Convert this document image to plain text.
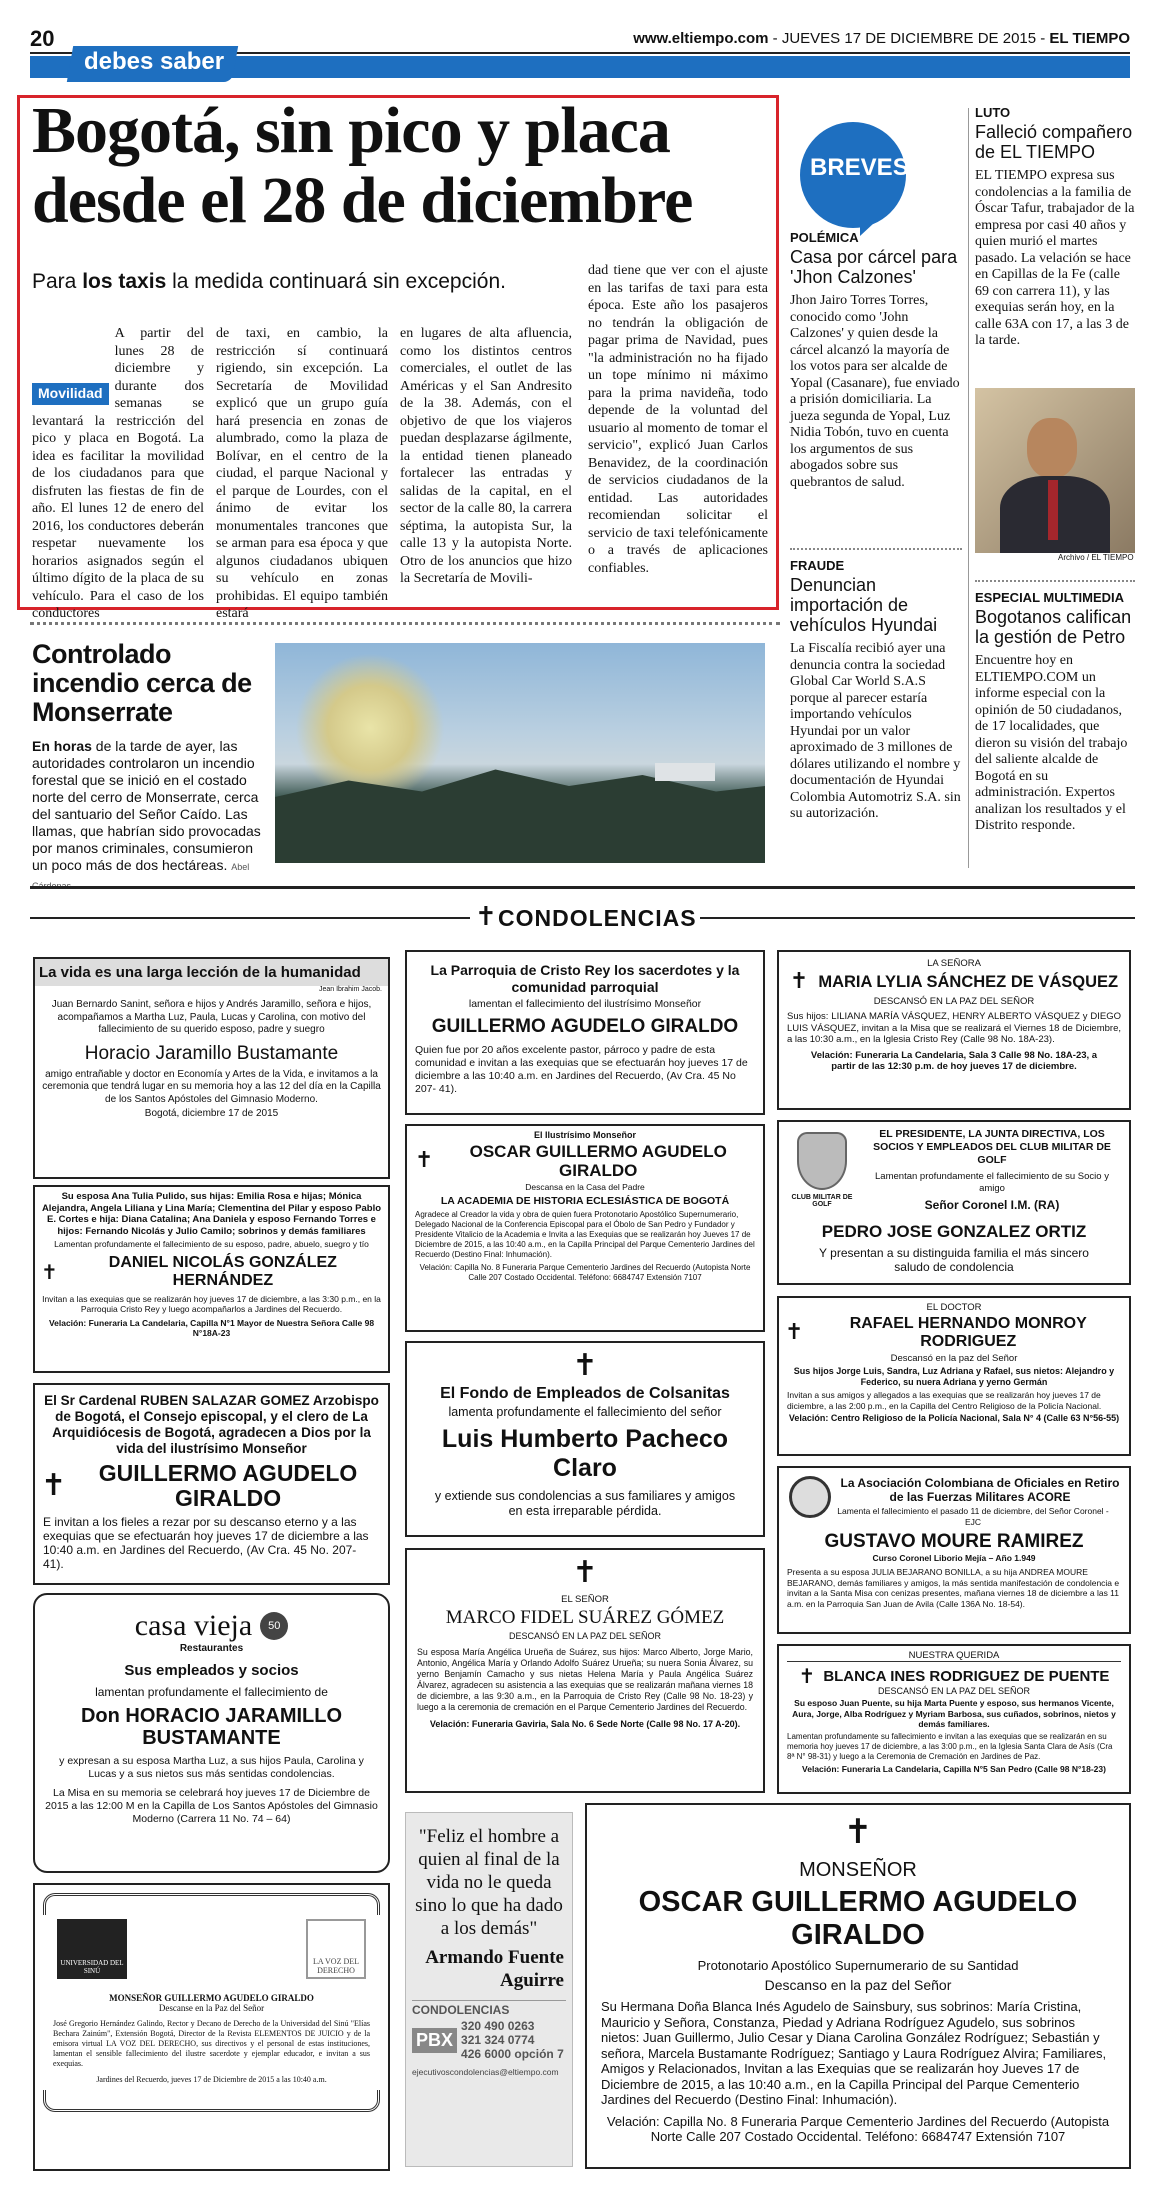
20	www.eltiempo.com - JUEVES 17 DE DICIEMBRE DE 2015 - EL TIEMPO
debes saber
Bogotá, sin pico y placa desde el 28 de diciembre
Para los taxis la medida continuará sin excepción.
Movilidad
A partir del lunes 28 de diciembre y durante dos semanas se levantará la restricción del pico y placa en Bogotá. La idea es facilitar la movilidad de los ciudadanos para que disfruten las fiestas de fin de año. El lunes 12 de enero del 2016, los conductores deberán respetar nuevamente los horarios asignados según el último dígito de la placa de su vehículo. Para el caso de los conductores
de taxi, en cambio, la restricción sí continuará rigiendo, sin excepción. La Secretaría de Movilidad explicó que un grupo guía hará presencia en zonas de alumbrado, como la plaza de Bolívar, en el centro de la ciudad, el parque Nacional y el parque de Lourdes, con el ánimo de evitar los monumentales trancones que se arman para esa época y que algunos ciudadanos ubiquen su vehículo en zonas prohibidas. El equipo también estará
en lugares de alta afluencia, como los distintos centros comerciales, el outlet de las Américas y el San Andresito de la 38. Además, con el objetivo de que los viajeros puedan desplazarse ágilmente, la entidad tienen planeado fortalecer las entradas y salidas de la capital, en el sector de la calle 80, la carrera séptima, la autopista Sur, la calle 13 y la autopista Norte. Otro de los anuncios que hizo la Secretaría de Movili-
dad tiene que ver con el ajuste en las tarifas de taxi para esta época. Este año los pasajeros no tendrán la obligación de pagar prima de Navidad, pues "la administración no ha fijado un tope mínimo ni máximo para la prima navideña, todo depende de la voluntad del usuario al momento de tomar el servicio", explicó Juan Carlos Benavidez, de la coordinación de servicios ciudadanos de la entidad. Las autoridades recomiendan solicitar el servicio de taxi telefónicamente o a través de aplicaciones confiables.
Controlado incendio cerca de Monserrate
En horas de la tarde de ayer, las autoridades controlaron un incendio forestal que se inició en el costado norte del cerro de Monserrate, cerca del santuario del Señor Caído. Las llamas, que habrían sido provocadas por manos criminales, consumieron un poco más de dos hectáreas. Abel Cárdenas
BREVES
POLÉMICA
Casa por cárcel para 'Jhon Calzones'
Jhon Jairo Torres Torres, conocido como 'John Calzones' y quien desde la cárcel alcanzó la mayoría de los votos para ser alcalde de Yopal (Casanare), fue enviado a prisión domiciliaria. La jueza segunda de Yopal, Luz Nidia Tobón, tuvo en cuenta los argumentos de sus abogados sobre sus quebrantos de salud.
FRAUDE
Denuncian importación de vehículos Hyundai
La Fiscalía recibió ayer una denuncia contra la sociedad Global Car World S.A.S porque al parecer estaría importando vehículos Hyundai por un valor aproximado de 3 millones de dólares utilizando el nombre y documentación de Hyundai Colombia Automotriz S.A. sin su autorización.
LUTO
Falleció compañero de EL TIEMPO
EL TIEMPO expresa sus condolencias a la familia de Óscar Tafur, trabajador de la empresa por casi 40 años y quien murió el martes pasado. La velación se hace en Capillas de la Fe (calle 69 con carrera 11), y las exequias serán hoy, en la calle 63A con 17, a las 3 de la tarde.
Archivo / EL TIEMPO
ESPECIAL MULTIMEDIA
Bogotanos califican la gestión de Petro
Encuentre hoy en ELTIEMPO.COM un informe especial con la opinión de 50 ciudadanos, de 17 localidades, que dieron su visión del trabajo del saliente alcalde de Bogotá en su administración. Expertos analizan los resultados y el Distrito responde.
✝ CONDOLENCIAS
La vida es una larga lección de la humanidad
Jean Ibrahim Jacob.
Juan Bernardo Sanint, señora e hijos y Andrés Jaramillo, señora e hijos, acompañamos a Martha Luz, Paula, Lucas y Carolina, con motivo del fallecimiento de su querido esposo, padre y suegro
Horacio Jaramillo Bustamante
amigo entrañable y doctor en Economía y Artes de la Vida, e invitamos a la ceremonia que tendrá lugar en su memoria hoy a las 12 del día en la Capilla de los Santos Apóstoles del Gimnasio Moderno.
Bogotá, diciembre 17 de 2015
Su esposa Ana Tulia Pulido, sus hijas: Emilia Rosa e hijas; Mónica Alejandra, Angela Liliana y Lina María; Clementina del Pilar y esposo Pablo E. Cortes e hija: Diana Catalina; Ana Daniela y esposo Fernando Torres e hijos: Fernando Nicolás y Julio Camilo; sobrinos y demás familiares
Lamentan profundamente el fallecimiento de su esposo, padre, abuelo, suegro y tío
✝	DANIEL NICOLÁS GONZÁLEZ HERNÁNDEZ
Invitan a las exequias que se realizarán hoy jueves 17 de diciembre, a las 3:30 p.m., en la Parroquia Cristo Rey y luego acompañarlos a Jardines del Recuerdo.
Velación: Funeraria La Candelaria, Capilla N°1 Mayor de Nuestra Señora Calle 98 N°18A-23
El Sr Cardenal RUBEN SALAZAR GOMEZ Arzobispo de Bogotá, el Consejo episcopal, y el clero de La Arquidiócesis de Bogotá, agradecen a Dios por la vida del ilustrísimo Monseñor
✝	GUILLERMO AGUDELO GIRALDO
E invitan a los fieles a rezar por su descanso eterno y a las exequias que se efectuarán hoy jueves 17 de diciembre a las 10:40 a.m. en Jardines del Recuerdo, (Av Cra. 45 No. 207- 41).
casa vieja	50
Restaurantes
Sus empleados y socios
lamentan profundamente el fallecimiento de
Don HORACIO JARAMILLO BUSTAMANTE
y expresan a su esposa Martha Luz, a sus hijos Paula, Carolina y Lucas y a sus nietos sus más sentidas condolencias.
La Misa en su memoria se celebrará hoy jueves 17 de Diciembre de 2015 a las 12:00 M en la Capilla de Los Santos Apóstoles del Gimnasio Moderno (Carrera 11 No. 74 – 64)
UNIVERSIDAD DEL SINÚ
LA VOZ DEL DERECHO
MONSEÑOR GUILLERMO AGUDELO GIRALDO
Descanse en la Paz del Señor
José Gregorio Hernández Galindo, Rector y Decano de Derecho de la Universidad del Sinú "Elías Bechara Zainúm", Extensión Bogotá, Director de la Revista ELEMENTOS DE JUICIO y de la emisora virtual LA VOZ DEL DERECHO, sus directivos y el personal de estas instituciones, lamentan el sensible fallecimiento del ilustre sacerdote y ejemplar educador, e invitan a sus exequias.
Jardines del Recuerdo, jueves 17 de Diciembre de 2015 a las 10:40 a.m.
La Parroquia de Cristo Rey los sacerdotes y la comunidad parroquial
lamentan el fallecimiento del ilustrísimo Monseñor
GUILLERMO AGUDELO GIRALDO
Quien fue por 20 años excelente pastor, párroco y padre de esta comunidad e invitan a las exequias que se efectuarán hoy jueves 17 de diciembre a las 10:40 a.m. en Jardines del Recuerdo, (Av Cra. 45 No 207- 41).
El Ilustrísimo Monseñor
✝	OSCAR GUILLERMO AGUDELO GIRALDO
Descansa en la Casa del Padre
LA ACADEMIA DE HISTORIA ECLESIÁSTICA DE BOGOTÁ
Agradece al Creador la vida y obra de quien fuera Protonotario Apostólico Supernumerario, Delegado Nacional de la Conferencia Episcopal para el Óbolo de San Pedro y Fundador y Presidente Vitalicio de la Academia e Invita a las Exequias que se realizarán hoy Jueves 17 de Diciembre de 2015, a las 10:40 a.m., en la Capilla Principal del Parque Cementerio Jardines del Recuerdo (Destino Final: Inhumación).
Velación: Capilla No. 8 Funeraria Parque Cementerio Jardines del Recuerdo (Autopista Norte Calle 207 Costado Occidental. Teléfono: 6684747 Extensión 7107
✝
El Fondo de Empleados de Colsanitas
lamenta profundamente el fallecimiento del señor
Luis Humberto Pacheco Claro
y extiende sus condolencias a sus familiares y amigos en esta irreparable pérdida.
✝
EL SEÑOR
MARCO FIDEL SUÁREZ GÓMEZ
DESCANSÓ EN LA PAZ DEL SEÑOR
Su esposa María Angélica Urueña de Suárez, sus hijos: Marco Alberto, Jorge Mario, Antonio, Angélica María y Orlando Adolfo Suárez Urueña; su nuera Sonia Álvarez, su yerno Benjamín Camacho y sus nietas Helena María y Paula Angélica Suárez Álvarez, agradecen su asistencia a las exequias que se realizarán mañana viernes 18 de diciembre, a las 9:30 a.m., en la Parroquia de Cristo Rey (Calle 98 No. 18-23) y luego a la ceremonia de cremación en el Parque Cementerio Jardines del Recuerdo.
Velación: Funeraria Gaviria, Sala No. 6 Sede Norte (Calle 98 No. 17 A-20).
"Feliz el hombre a quien al final de la vida no le queda sino lo que ha dado a los demás"
Armando Fuente Aguirre
CONDOLENCIAS
PBX
320 490 0263
321 324 0774
426 6000 opción 7
ejecutivoscondolencias@eltiempo.com
LA SEÑORA
✝ MARIA LYLIA SÁNCHEZ DE VÁSQUEZ
DESCANSÓ EN LA PAZ DEL SEÑOR
Sus hijos: LILIANA MARÍA VÁSQUEZ, HENRY ALBERTO VÁSQUEZ y DIEGO LUIS VÁSQUEZ, invitan a la Misa que se realizará el Viernes 18 de Diciembre, a las 10:30 a.m., en la Iglesia Cristo Rey (Calle 98 No. 18A-23).
Velación: Funeraria La Candelaria, Sala 3 Calle 98 No. 18A-23, a partir de las 12:30 p.m. de hoy jueves 17 de diciembre.
CLUB MILITAR DE GOLF
EL PRESIDENTE, LA JUNTA DIRECTIVA, LOS SOCIOS Y EMPLEADOS DEL CLUB MILITAR DE GOLF
Lamentan profundamente el fallecimiento de su Socio y amigo
Señor Coronel I.M. (RA)
PEDRO JOSE GONZALEZ ORTIZ
Y presentan a su distinguida familia el más sincero saludo de condolencia
EL DOCTOR
✝	RAFAEL HERNANDO MONROY RODRIGUEZ
Descansó en la paz del Señor
Sus hijos Jorge Luis, Sandra, Luz Adriana y Rafael, sus nietos: Alejandro y Federico, su nuera Adriana y yerno Germán
Invitan a sus amigos y allegados a las exequias que se realizarán hoy jueves 17 de diciembre, a las 2:00 p.m., en la Capilla del Centro Religioso de la Policía Nacional.
Velación: Centro Religioso de la Policía Nacional, Sala N° 4 (Calle 63 N°56-55)
La Asociación Colombiana de Oficiales en Retiro de las Fuerzas Militares ACORE
Lamenta el fallecimiento el pasado 11 de diciembre, del Señor Coronel - EJC
GUSTAVO MOURE RAMIREZ
Curso Coronel Liborio Mejía – Año 1.949
Presenta a su esposa JULIA BEJARANO BONILLA, a su hija ANDREA MOURE BEJARANO, demás familiares y amigos, la más sentida manifestación de condolencia e invitan a la Santa Misa con cenizas presentes, mañana viernes 18 de diciembre a las 11 a.m. en la Parroquia San Juan de Avila (Calle 136A No. 18-54).
NUESTRA QUERIDA
✝ BLANCA INES RODRIGUEZ DE PUENTE
DESCANSÓ EN LA PAZ DEL SEÑOR
Su esposo Juan Puente, su hija Marta Puente y esposo, sus hermanos Vicente, Aura, Jorge, Alba Rodríguez y Myriam Barbosa, sus cuñados, sobrinos, nietos y demás familiares.
Lamentan profundamente su fallecimiento e invitan a las exequias que se realizarán en su memoria hoy jueves 17 de diciembre, a las 3:00 p.m., en la Iglesia Santa Clara de Asís (Cra 8ª N° 98-31) y luego a la Ceremonia de Cremación en Jardines de Paz.
Velación: Funeraria La Candelaria, Capilla N°5 San Pedro (Calle 98 N°18-23)
✝
MONSEÑOR
OSCAR GUILLERMO AGUDELO GIRALDO
Protonotario Apostólico Supernumerario de su Santidad
Descanso en la paz del Señor
Su Hermana Doña Blanca Inés Agudelo de Sainsbury, sus sobrinos: María Cristina, Mauricio y Señora, Constanza, Piedad y Adriana Rodríguez Agudelo, sus sobrinos nietos: Juan Guillermo, Julio Cesar y Diana Carolina González Rodríguez; Sebastián y señora, Marcela Bustamante Rodríguez; Santiago y Laura Rodríguez Alvira; Familiares, Amigos y Relacionados, Invitan a las Exequias que se realizarán hoy Jueves 17 de Diciembre de 2015, a las 10:40 a.m., en la Capilla Principal del Parque Cementerio Jardines del Recuerdo (Destino Final: Inhumación).
Velación: Capilla No. 8 Funeraria Parque Cementerio Jardines del Recuerdo (Autopista Norte Calle 207 Costado Occidental. Teléfono: 6684747 Extensión 7107
